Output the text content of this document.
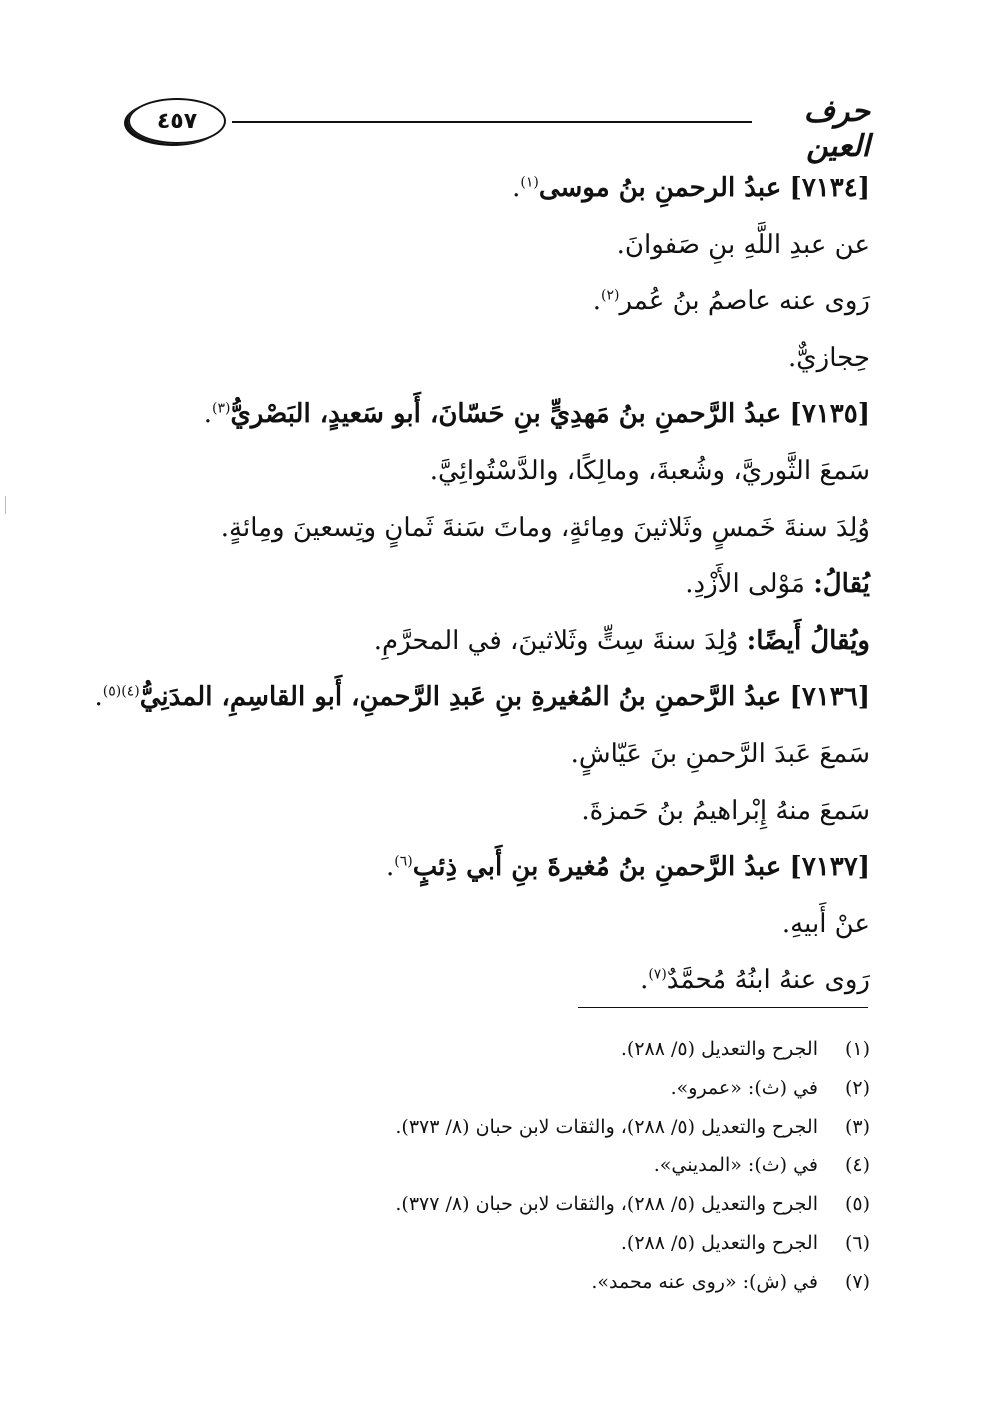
٤٥٧	حرف العين
[٧١٣٤] عبدُ الرحمنِ بنُ موسى$^{(١)}$.
عن عبدِ اللَّهِ بنِ صَفوانَ.
رَوى عنه عاصمُ بنُ عُمر$^{(٢)}$.
حِجازيٌّ.
[٧١٣٥] عبدُ الرَّحمنِ بنُ مَهدِيٍّ بنِ حَسّانَ، أَبو سَعيدٍ، البَصْريُّ$^{(٣)}$.
سَمعَ الثَّوريَّ، وشُعبةَ، ومالِكًا، والدَّسْتُوائِيَّ.
وُلِدَ سنةَ خَمسٍ وثَلاثينَ ومِائةٍ، وماتَ سَنةَ ثَمانٍ وتِسعينَ ومِائةٍ.
يُقالُ: مَوْلى الأَزْدِ.
ويُقالُ أَيضًا: وُلِدَ سنةَ سِتٍّ وثَلاثينَ، في المحرَّمِ.
[٧١٣٦] عبدُ الرَّحمنِ بنُ المُغيرةِ بنِ عَبدِ الرَّحمنِ، أَبو القاسِمِ، المدَنِيُّ$^{(٤)(٥)}$.
سَمعَ عَبدَ الرَّحمنِ بنَ عَيّاشٍ.
سَمعَ منهُ إِبْراهيمُ بنُ حَمزةَ.
[٧١٣٧] عبدُ الرَّحمنِ بنُ مُغيرةَ بنِ أَبي ذِئبٍ$^{(٦)}$.
عنْ أَبيهِ.
رَوى عنهُ ابنُهُ مُحمَّدٌ$^{(٧)}$.
(١)الجرح والتعديل (٥/ ٢٨٨).
(٢)في (ث): «عمرو».
(٣)الجرح والتعديل (٥/ ٢٨٨)، والثقات لابن حبان (٨/ ٣٧٣).
(٤)في (ث): «المديني».
(٥)الجرح والتعديل (٥/ ٢٨٨)، والثقات لابن حبان (٨/ ٣٧٧).
(٦)الجرح والتعديل (٥/ ٢٨٨).
(٧)في (ش): «روى عنه محمد».
